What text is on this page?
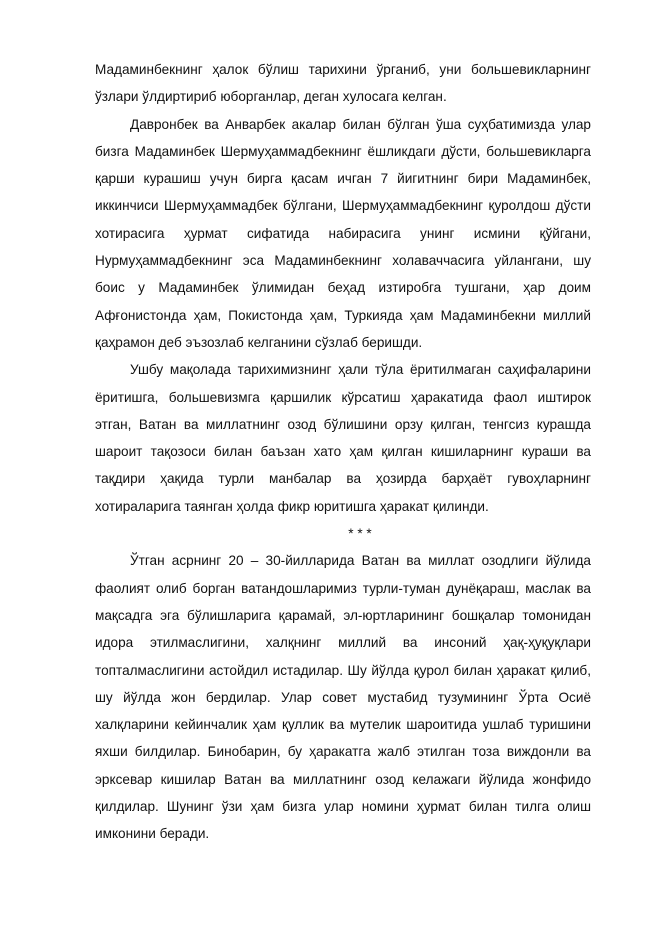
Мадаминбекнинг ҳалок бўлиш тарихини ўрганиб, уни большевикларнинг ўзлари ўлдиртириб юборганлар, деган хулосага келган.

Давронбек ва Анварбек акалар билан бўлган ўша суҳбатимизда улар бизга Мадаминбек Шермуҳаммадбекнинг ёшликдаги дўсти, большевикларга қарши курашиш учун бирга қасам ичган 7 йигитнинг бири Мадаминбек, иккинчиси Шермуҳаммадбек бўлгани, Шермуҳаммадбекнинг қуролдош дўсти хотирасига ҳурмат сифатида набирасига унинг исмини қўйгани, Нурмуҳаммадбекнинг эса Мадаминбекнинг холаваччасига уйлангани, шу боис у Мадаминбек ўлимидан беҳад изтиробга тушгани, ҳар доим Афғонистонда ҳам, Покистонда ҳам, Туркияда ҳам Мадаминбекни миллий қаҳрамон деб эъзозлаб келганини сўзлаб беришди.

Ушбу мақолада тарихимизнинг ҳали тўла ёритилмаган саҳифаларини ёритишга, большевизмга қаршилик кўрсатиш ҳаракатида фаол иштирок этган, Ватан ва миллатнинг озод бўлишини орзу қилган, тенгсиз курашда шароит тақозоси билан баъзан хато ҳам қилган кишиларнинг кураши ва тақдири ҳақида турли манбалар ва ҳозирда барҳаёт гувоҳларнинг хотираларига таянган ҳолда фикр юритишга ҳаракат қилинди.

* * *

Ўтган асрнинг 20 – 30-йилларида Ватан ва миллат озодлиги йўлида фаолият олиб борган ватандошларимиз турли-туман дунёқараш, маслак ва мақсадга эга бўлишларига қарамай, эл-юртларининг бошқалар томонидан идора этилмаслигини, халқнинг миллий ва инсоний ҳақ-ҳуқуқлари топталмаслигини астойдил истадилар. Шу йўлда қурол билан ҳаракат қилиб, шу йўлда жон бердилар. Улар совет мустабид тузумининг Ўрта Осиё халқларини кейинчалик ҳам қуллик ва мутелик шароитида ушлаб туришини яхши билдилар. Бинобарин, бу ҳаракатга жалб этилган тоза виждонли ва эрксевар кишилар Ватан ва миллатнинг озод келажаги йўлида жонфидо қилдилар. Шунинг ўзи ҳам бизга улар номини ҳурмат билан тилга олиш имконини беради.
